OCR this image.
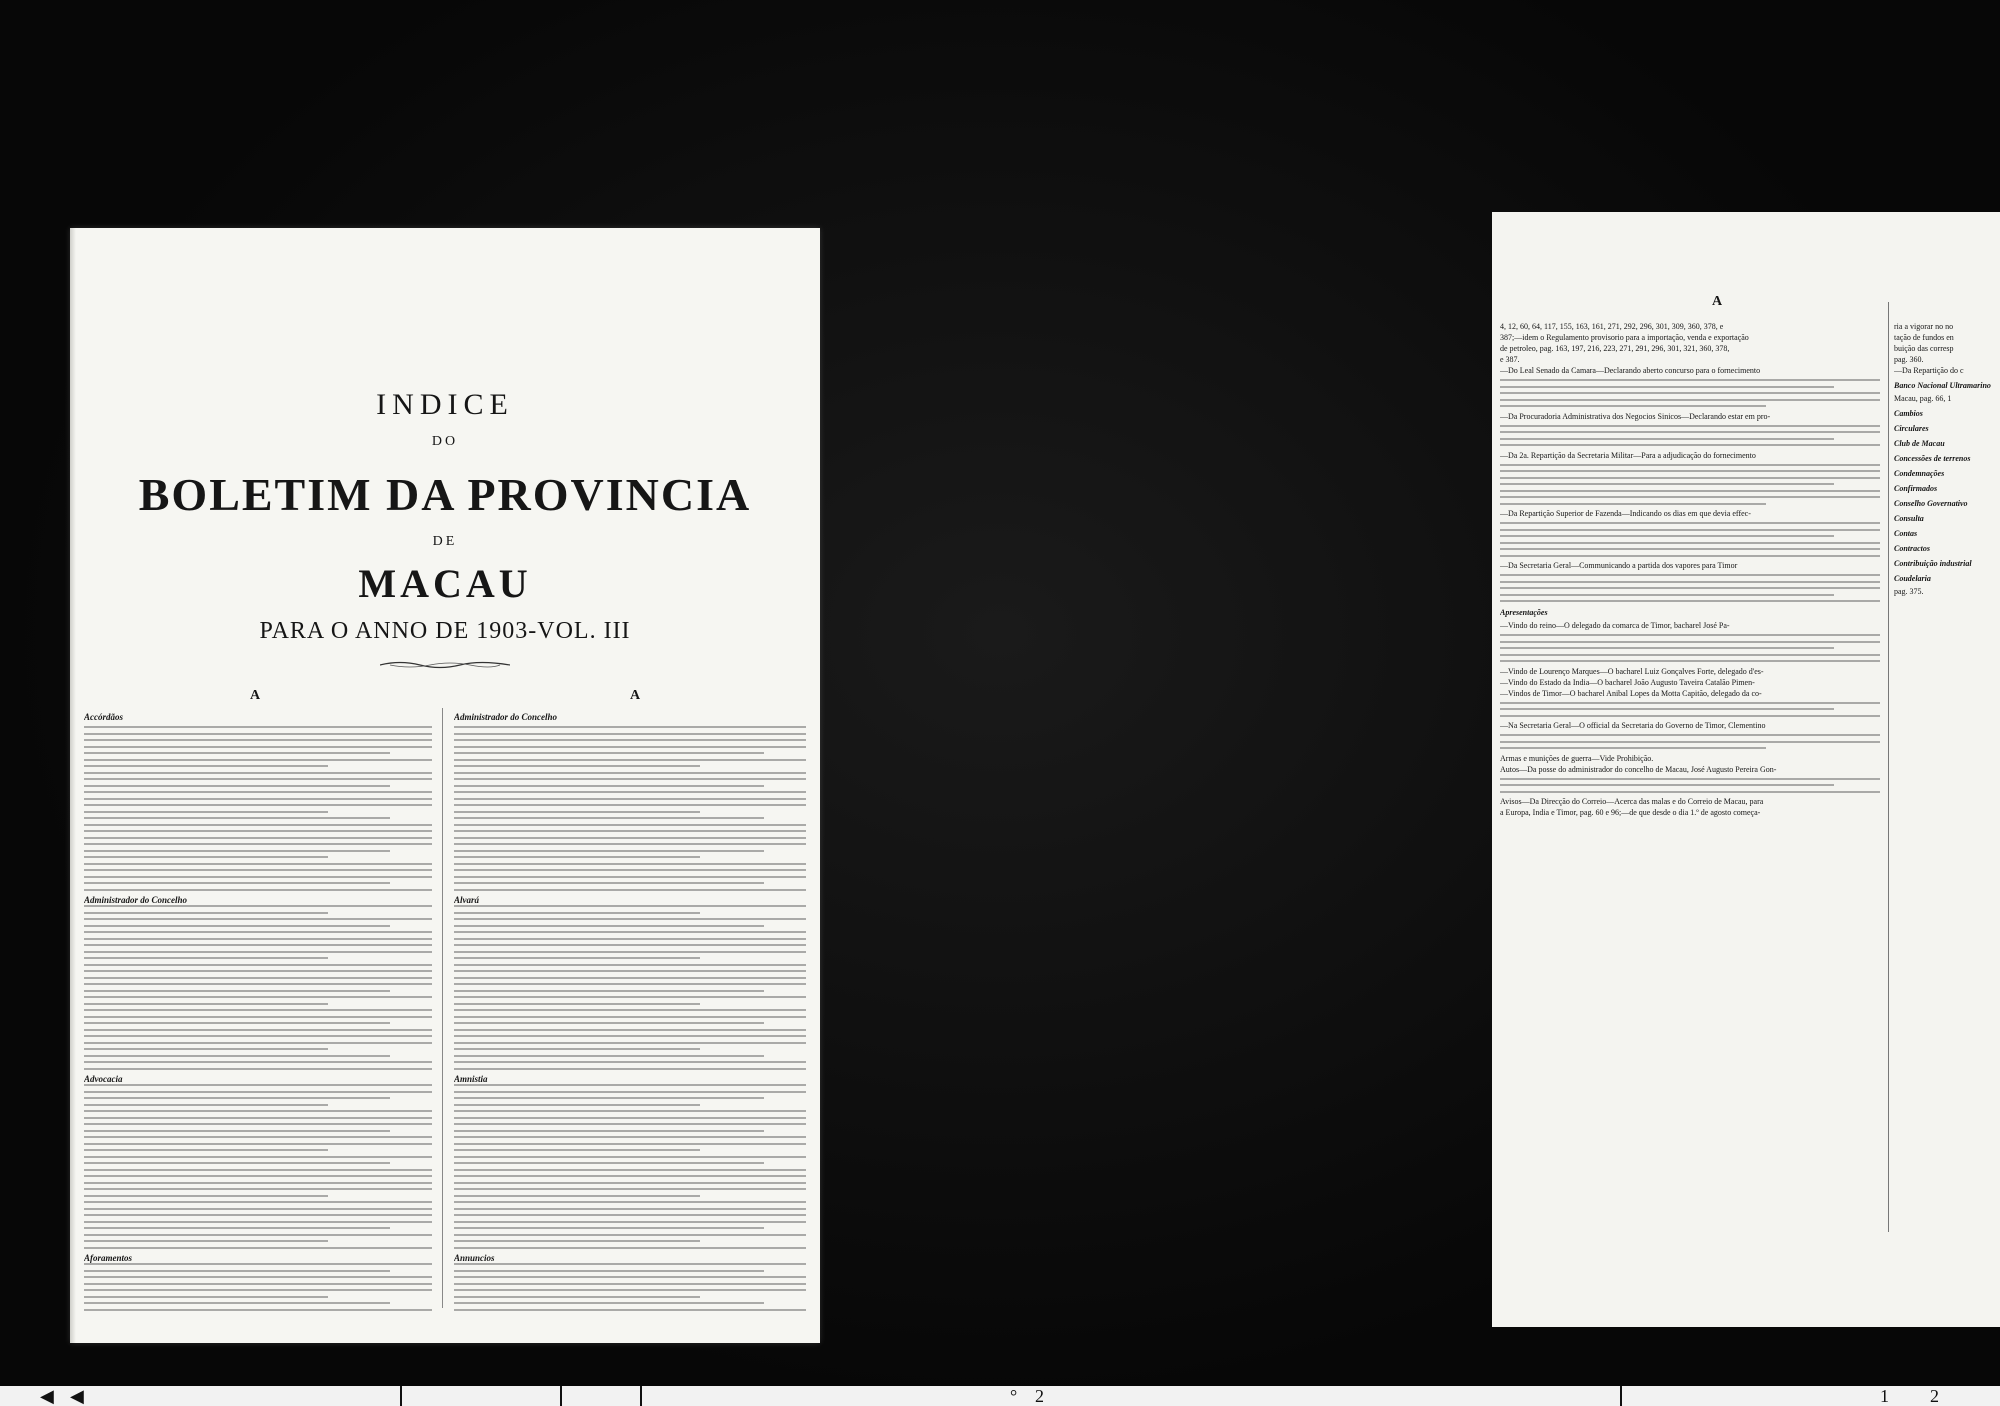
INDICE
DO
BOLETIM DA PROVINCIA
DE
MACAU
PARA O ANNO DE 1903-VOL. III
A	A
Accórdãos
Administrador do Concelho
Advocacia
Aforamentos
Administrador do Concelho
Alvará
Amnistia
Annuncios
A
4, 12, 60, 64, 117, 155, 163, 161, 271, 292, 296, 301, 309, 360, 378, e
387;—idem o Regulamento provisorio para a importação, venda e exportação
de petroleo, pag. 163, 197, 216, 223, 271, 291, 296, 301, 321, 360, 378,
e 387.
—Do Leal Senado da Camara—Declarando aberto concurso para o fornecimento
—Da Procuradoria Administrativa dos Negocios Sinicos—Declarando estar em pro-
—Da 2a. Repartição da Secretaria Militar—Para a adjudicação do fornecimento
—Da Repartição Superior de Fazenda—Indicando os dias em que devia effec-
—Da Secretaria Geral—Communicando a partida dos vapores para Timor
Apresentações
—Vindo do reino—O delegado da comarca de Timor, bacharel José Pa-
—Vindo de Lourenço Marques—O bacharel Luiz Gonçalves Forte, delegado d'es-
—Vindo do Estado da India—O bacharel João Augusto Taveira Catalão Pimen-
—Vindos de Timor—O bacharel Anibal Lopes da Motta Capitão, delegado da co-
—Na Secretaria Geral—O official da Secretaria do Governo de Timor, Clementino
Armas e munições de guerra—Vide Prohibição.
Autos—Da posse do administrador do concelho de Macau, José Augusto Pereira Gon-
Avisos—Da Direcção do Correio—Acerca das malas e do Correio de Macau, para
a Europa, India e Timor, pag. 60 e 96;—de que desde o dia 1.º de agosto começa-
ria a vigorar no no
tação de fundos en
buição das corresp
pag. 360.
—Da Repartição do c
Banco Nacional Ultramarino
Macau, pag. 66, 1
Cambios
Circulares
Club de Macau
Concessões de terrenos
Condemnações
Confirmados
Conselho Governativo
Consulta
Contas
Contractos
Contribuição industrial
Coudelaria
pag. 375.
◀ ◀	° 2	1 2
